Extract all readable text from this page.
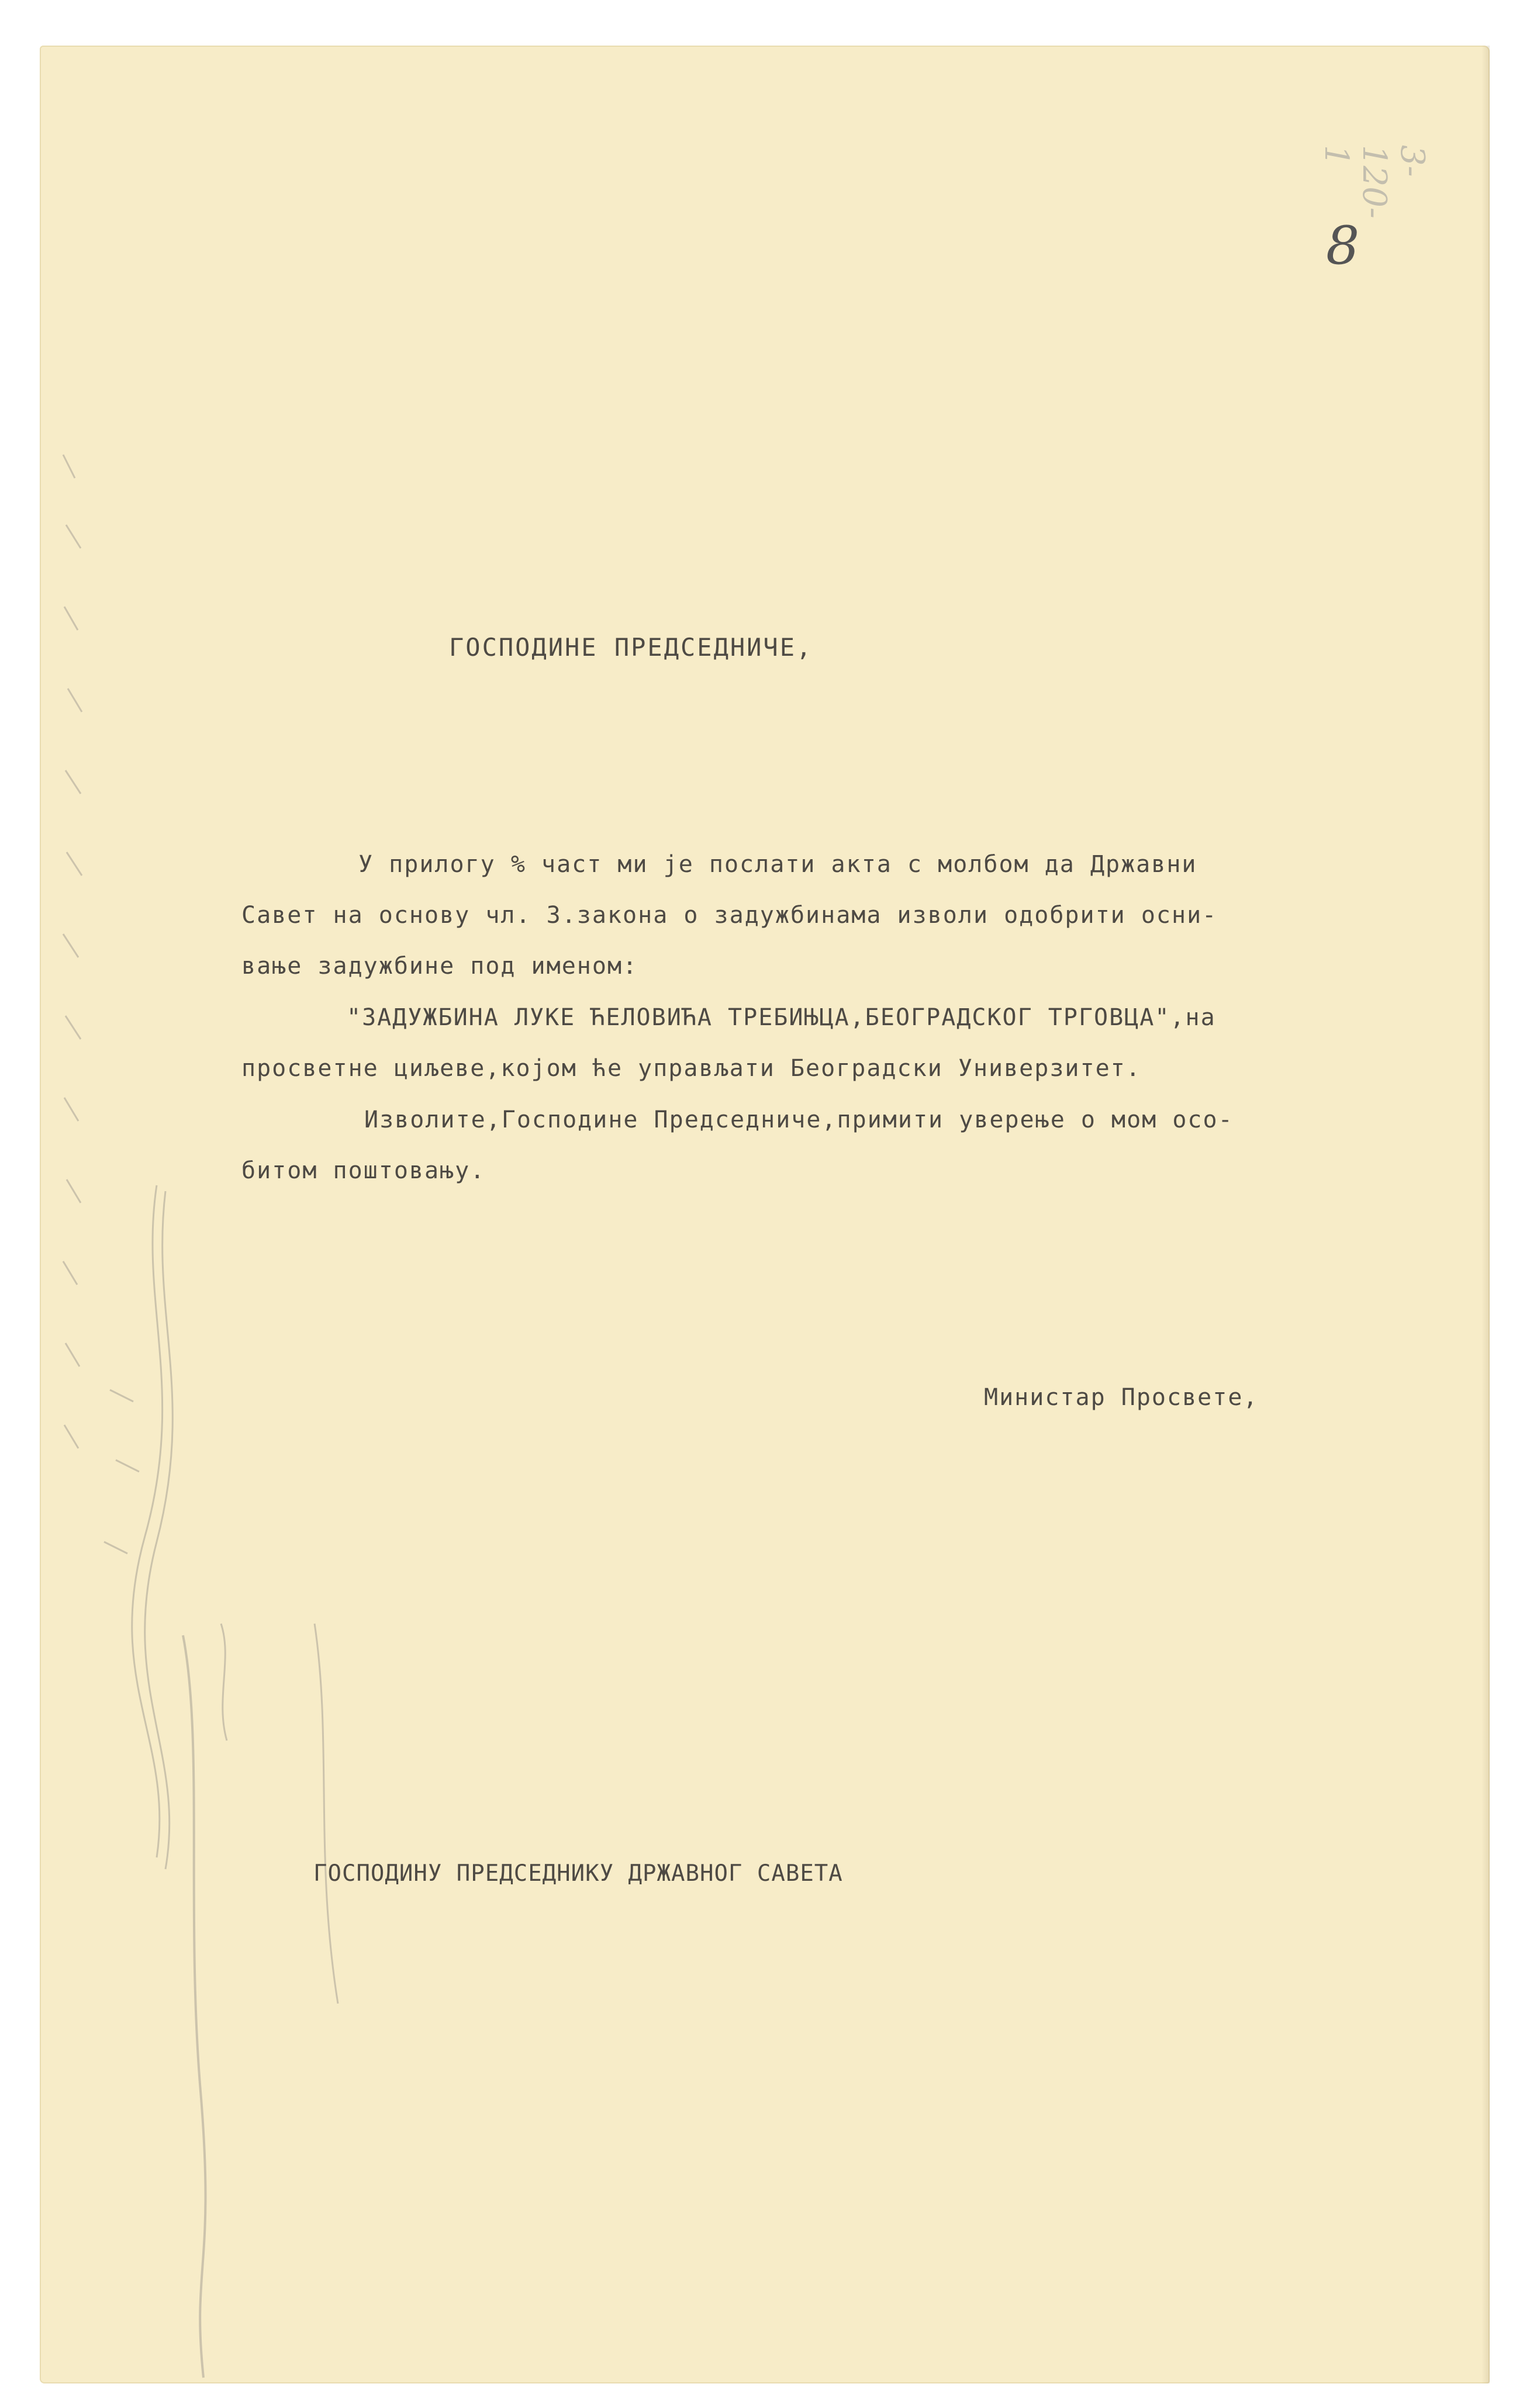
3-120-1
8
ГОСПОДИНЕ ПРЕДСЕДНИЧЕ,
У прилогу % част ми је послати акта с молбом да Државни
Савет на основу чл. 3.закона о задужбинама изволи одобрити осни-
вање задужбине под именом:
"ЗАДУЖБИНА ЛУКЕ ЋЕЛОВИЋА ТРЕБИЊЦА,БЕОГРАДСКОГ ТРГОВЦА",на
просветне циљеве,којом ће управљати Београдски Универзитет.
Изволите,Господине Председниче,примити уверење о мом осо-
битом поштовању.
Министар Просвете,
ГОСПОДИНУ ПРЕДСЕДНИКУ ДРЖАВНОГ САВЕТА
